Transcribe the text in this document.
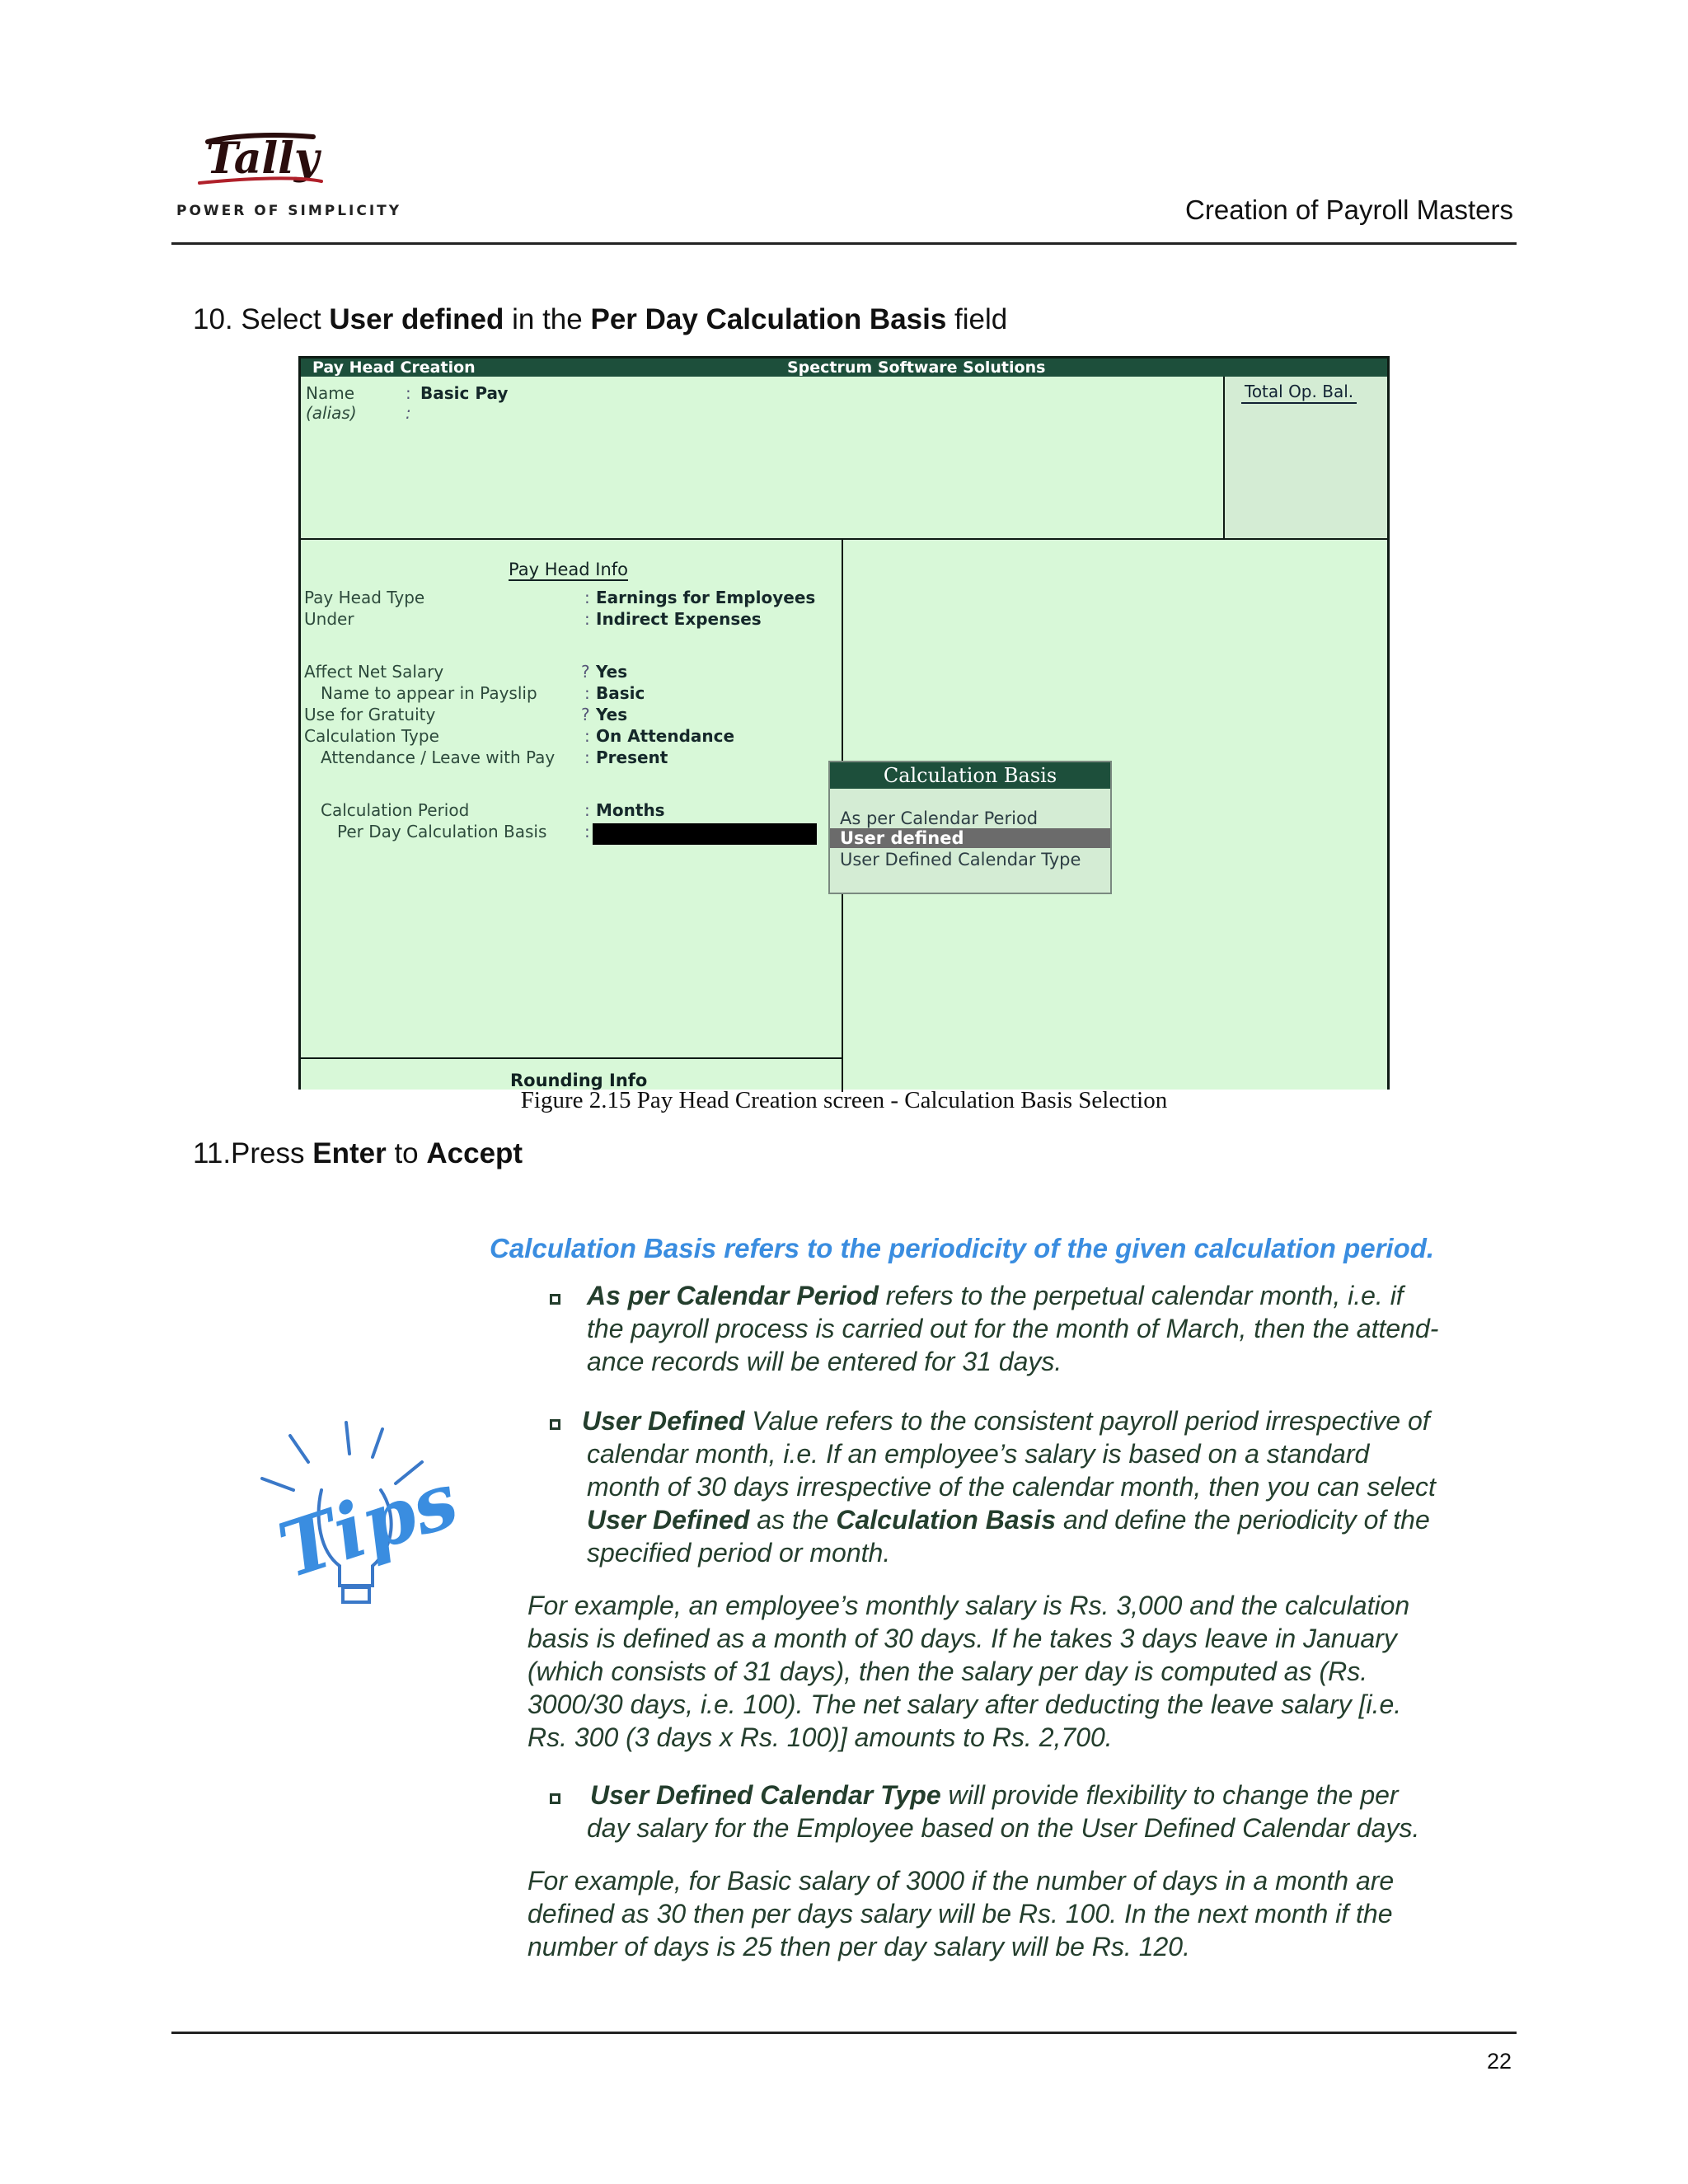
Tally
POWER OF SIMPLICITY	Creation of Payroll Masters
10. Select User defined in the Per Day Calculation Basis field
Pay Head Creation	Spectrum Software Solutions
Name	: Basic Pay
(alias)	:
Total Op. Bal.
Pay Head Info
Pay Head Type	: Earnings for Employees
Under	: Indirect Expenses
Affect Net Salary	? Yes
Name to appear in Payslip	: Basic
Use for Gratuity	? Yes
Calculation Type	: On Attendance
Attendance / Leave with Pay : Present
Calculation Period	: Months
Per Day Calculation Basis :
Rounding Info
Calculation Basis
As per Calendar Period
User defined
User Defined Calendar Type
Figure 2.15 Pay Head Creation screen - Calculation Basis Selection
11.Press Enter to Accept
Tips
Calculation Basis refers to the periodicity of the given calculation period.
As per Calendar Period refers to the perpetual calendar month, i.e. if
the payroll process is carried out for the month of March, then the attend-
ance records will be entered for 31 days.
User Defined Value refers to the consistent payroll period irrespective of
calendar month, i.e. If an employee’s salary is based on a standard
month of 30 days irrespective of the calendar month, then you can select
User Defined as the Calculation Basis and define the periodicity of the
specified period or month.
For example, an employee’s monthly salary is Rs. 3,000 and the calculation
basis is defined as a month of 30 days. If he takes 3 days leave in January
(which consists of 31 days), then the salary per day is computed as (Rs.
3000/30 days, i.e. 100). The net salary after deducting the leave salary [i.e.
Rs. 300 (3 days x Rs. 100)] amounts to Rs. 2,700.
User Defined Calendar Type will provide flexibility to change the per
day salary for the Employee based on the User Defined Calendar days.
For example, for Basic salary of 3000 if the number of days in a month are
defined as 30 then per days salary will be Rs. 100. In the next month if the
number of days is 25 then per day salary will be Rs. 120.
22
